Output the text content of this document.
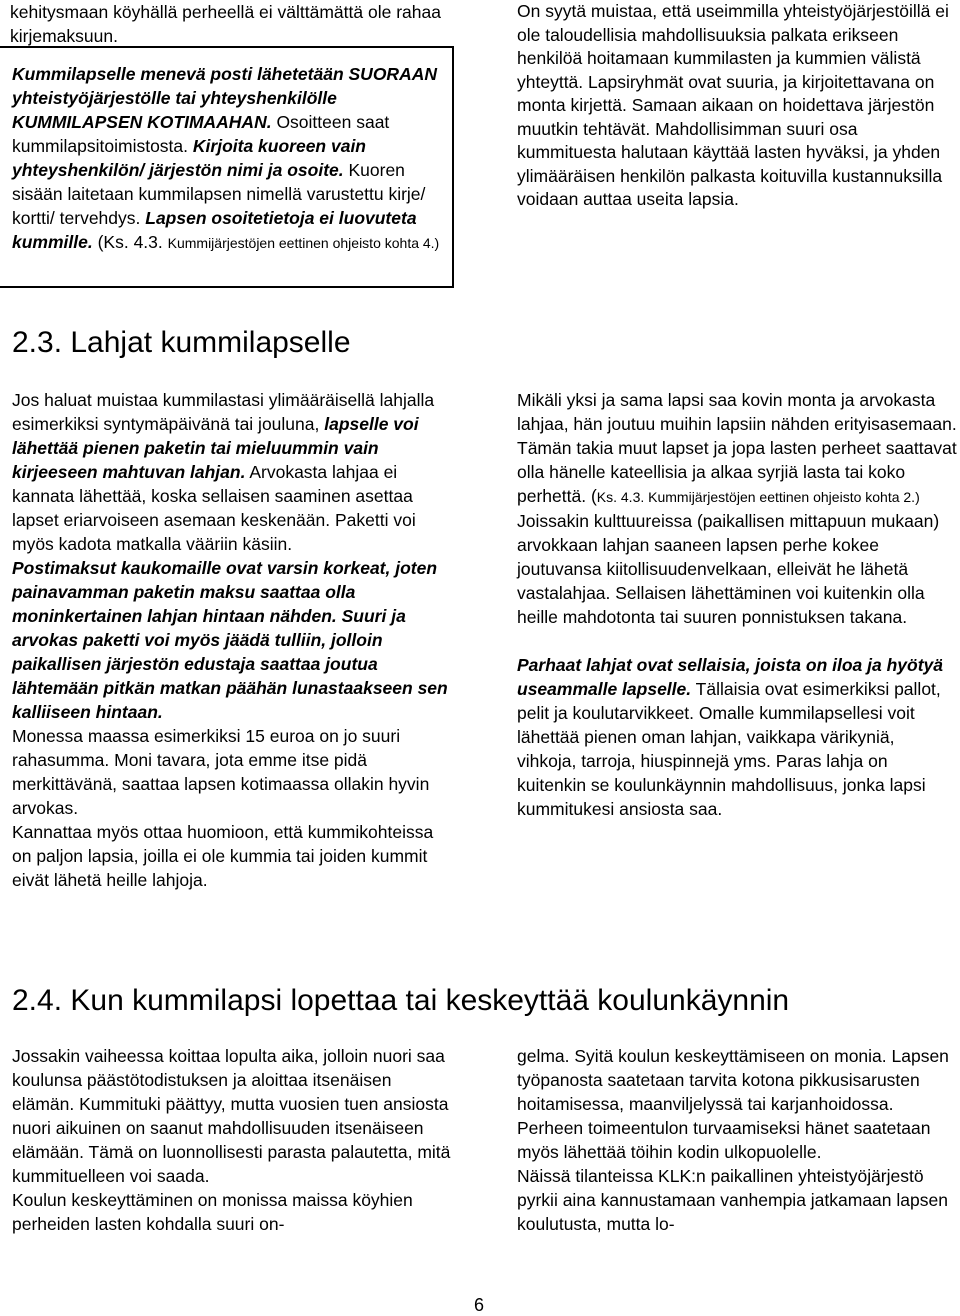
kehitysmaan köyhällä perheellä ei välttämättä ole rahaa kirjemaksuun.

Kummilapselle menevä posti lähetetään SUORAAN yhteistyöjärjestölle tai yhteyshenkilölle KUMMILAPSEN KOTIMAAHAN. Osoitteen saat kummilapsitoimistosta. Kirjoita kuoreen vain yhteyshenkilön/ järjestön nimi ja osoite. Kuoren sisään laitetaan kummilapsen nimellä varustettu kirje/ kortti/ tervehdys. Lapsen osoitetietoja ei luovuteta kummille. (Ks. 4.3. Kummijärjestöjen eettinen ohjeisto kohta 4.)

On syytä muistaa, että useimmilla yhteistyöjärjestöillä ei ole taloudellisia mahdollisuuksia palkata erikseen henkilöä hoitamaan kummilasten ja kummien välistä yhteyttä. Lapsiryhmät ovat suuria, ja kirjoitettavana on monta kirjettä. Samaan aikaan on hoidettava järjestön muutkin tehtävät. Mahdollisimman suuri osa kummituesta halutaan käyttää lasten hyväksi, ja yhden ylimääräisen henkilön palkasta koituvilla kustannuksilla voidaan auttaa useita lapsia.

2.3. Lahjat kummilapselle

Jos haluat muistaa kummilastasi ylimääräisellä lahjalla esimerkiksi syntymäpäivänä tai jouluna, lapselle voi lähettää pienen paketin tai mieluummin vain kirjeeseen mahtuvan lahjan. Arvokasta lahjaa ei kannata lähettää, koska sellaisen saaminen asettaa lapset eriarvoiseen asemaan keskenään. Paketti voi myös kadota matkalla vääriin käsiin.

Postimaksut kaukomaille ovat varsin korkeat, joten painavamman paketin maksu saattaa olla moninkertainen lahjan hintaan nähden. Suuri ja arvokas paketti voi myös jäädä tulliin, jolloin paikallisen järjestön edustaja saattaa joutua lähtemään pitkän matkan päähän lunastaakseen sen kalliiseen hintaan.

Monessa maassa esimerkiksi 15 euroa on jo suuri rahasumma. Moni tavara, jota emme itse pidä merkittävänä, saattaa lapsen kotimaassa ollakin hyvin arvokas.

Kannattaa myös ottaa huomioon, että kummikohteissa on paljon lapsia, joilla ei ole kummia tai joiden kummit eivät lähetä heille lahjoja.

Mikäli yksi ja sama lapsi saa kovin monta ja arvokasta lahjaa, hän joutuu muihin lapsiin nähden erityisasemaan. Tämän takia muut lapset ja jopa lasten perheet saattavat olla hänelle kateellisia ja alkaa syrjiä lasta tai koko perhettä. (Ks. 4.3. Kummijärjestöjen eettinen ohjeisto kohta 2.)

Joissakin kulttuureissa (paikallisen mittapuun mukaan) arvokkaan lahjan saaneen lapsen perhe kokee joutuvansa kiitollisuudenvelkaan, elleivät he lähetä vastalahjaa. Sellaisen lähettäminen voi kuitenkin olla heille mahdotonta tai suuren ponnistuksen takana.

Parhaat lahjat ovat sellaisia, joista on iloa ja hyötyä useammalle lapselle. Tällaisia ovat esimerkiksi pallot, pelit ja koulutarvikkeet. Omalle kummilapsellesi voit lähettää pienen oman lahjan, vaikkapa värikyniä, vihkoja, tarroja, hiuspinnejä yms. Paras lahja on kuitenkin se koulunkäynnin mahdollisuus, jonka lapsi kummitukesi ansiosta saa.

2.4. Kun kummilapsi lopettaa tai keskeyttää koulunkäynnin

Jossakin vaiheessa koittaa lopulta aika, jolloin nuori saa koulunsa päästötodistuksen ja aloittaa itsenäisen elämän. Kummituki päättyy, mutta vuosien tuen ansiosta nuori aikuinen on saanut mahdollisuuden itsenäiseen elämään. Tämä on luonnollisesti parasta palautetta, mitä kummituelleen voi saada.

Koulun keskeyttäminen on monissa maissa köyhien perheiden lasten kohdalla suuri on-

gelma. Syitä koulun keskeyttämiseen on monia. Lapsen työpanosta saatetaan tarvita kotona pikkusisarusten hoitamisessa, maanviljelyssä tai karjanhoidossa. Perheen toimeentulon turvaamiseksi hänet saatetaan myös lähettää töihin kodin ulkopuolelle.

Näissä tilanteissa KLK:n paikallinen yhteistyöjärjestö pyrkii aina kannustamaan vanhempia jatkamaan lapsen koulutusta, mutta lo-

6
